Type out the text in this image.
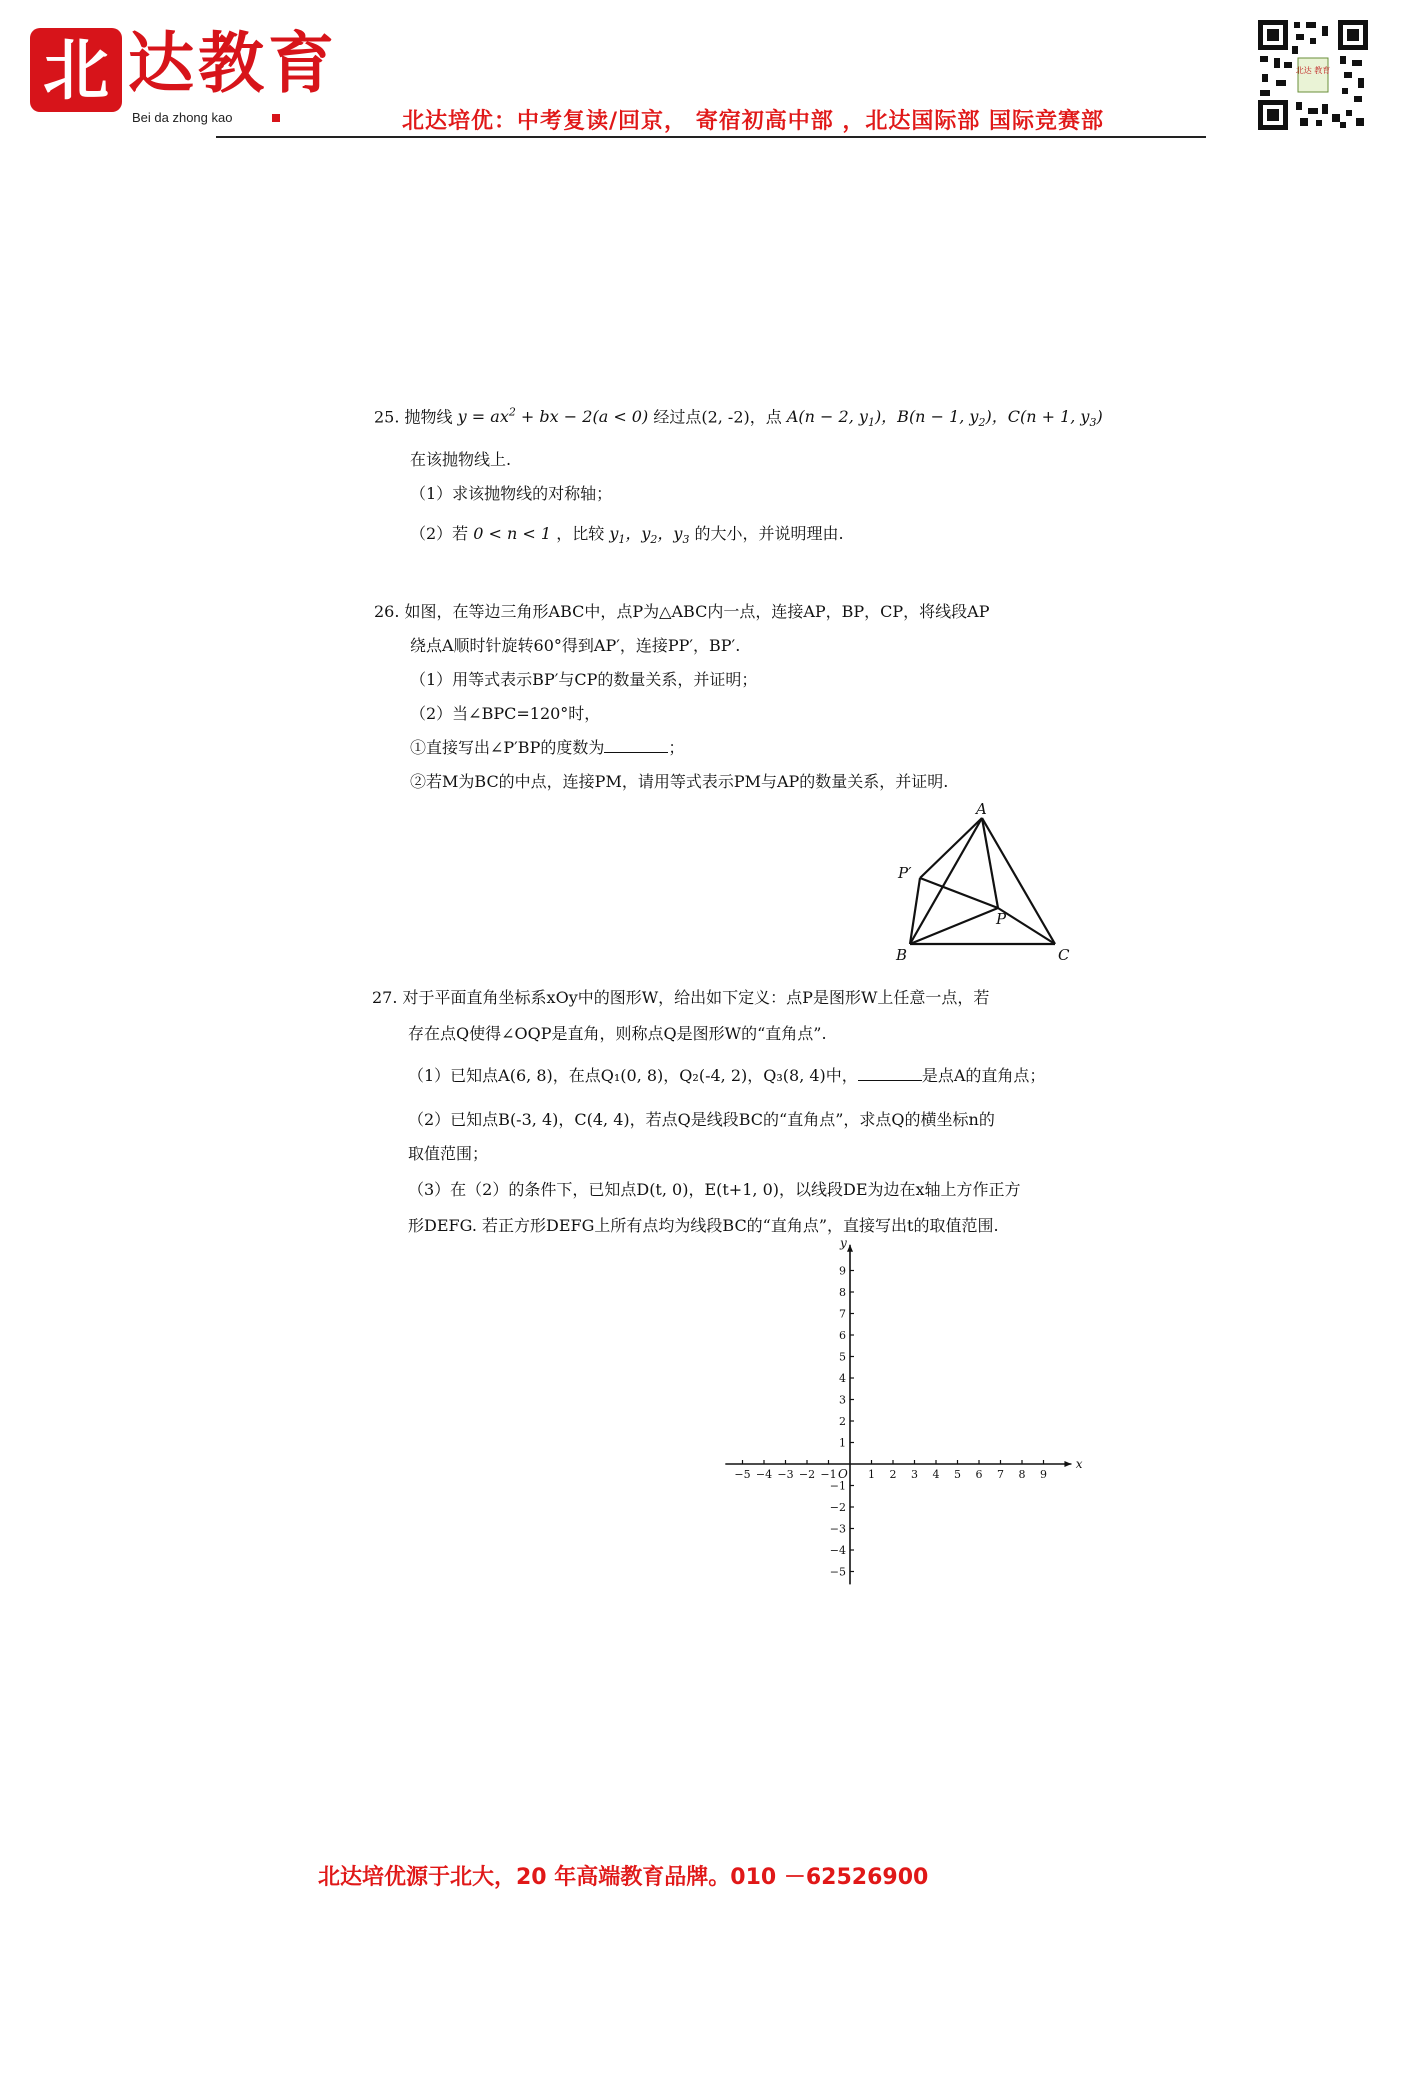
北 达教育
Bei da zhong kao	北达培优：中考复读/回京， 寄宿初高中部 ，北达国际部 国际竞赛部
北达 教育
25. 抛物线 $y = ax^2$ + bx − 2(a < 0) 经过点(2, -2)，点 A(n − 2, $y_1$)，B(n − 1, $y_2$)，C(n + 1, $y_3$)
在该抛物线上.
（1）求该抛物线的对称轴；
（2）若 0 < n < 1 ，比较 $y_1$，$y_2$，$y_3$ 的大小，并说明理由.
26. 如图，在等边三角形ABC中，点P为△ABC内一点，连接AP，BP，CP，将线段AP
绕点A顺时针旋转60°得到AP′，连接PP′，BP′.
（1）用等式表示BP′与CP的数量关系，并证明；
（2）当∠BPC=120°时，
①直接写出∠P′BP的度数为	；
②若M为BC的中点，连接PM，请用等式表示PM与AP的数量关系，并证明.
A
B	C
P
P′
27. 对于平面直角坐标系xOy中的图形W，给出如下定义：点P是图形W上任意一点，若
存在点Q使得∠OQP是直角，则称点Q是图形W的“直角点”.
（1）已知点A(6, 8)，在点Q₁(0, 8)，Q₂(-4, 2)，Q₃(8, 4)中，	是点A的直角点；
（2）已知点B(-3, 4)，C(4, 4)，若点Q是线段BC的“直角点”，求点Q的横坐标n的
取值范围；
（3）在（2）的条件下，已知点D(t, 0)，E(t+1, 0)，以线段DE为边在x轴上方作正方
形DEFG. 若正方形DEFG上所有点均为线段BC的“直角点”，直接写出t的取值范围.
−5 −4 −3 −2 −1	1 2 3 4 5 6 7 8 9
−5
−4
−3
−2
−1
1
2
3
4
5
6
7
8
9
x
y
O
北达培优源于北大，20 年高端教育品牌。010 －62526900
